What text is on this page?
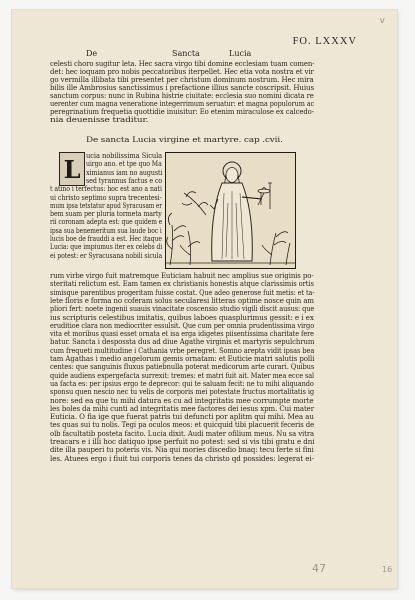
v
FO. LXXXV
De	Sancta	Lucia
L
47	16
celesti choro sugitur leta. Hec sacra virgo tibi domine ecclesiam tuam comen-
det: hec ioquam pro nobis peccatoribus iterpellet. Hec etia vota nostra et vir
go vermilla illibata tibi presentet per christum dominum nostrum. Hec mira
bilis ille Ambrosius sanctissimus i prefactione illius sancte coscripsit. Huius
sanctum corpus: nunc in Rubina histrie ciuitate: ecclesia suo nomini dicata re
uerenter cum magna veneratione integerrimum seruatur: et magna populorum ac
peregrinatium frequetia quottidie inuisitur: Eo etenim miraculose ex calcedo-
nia deuenisse traditur.
De sancta Lucia virgine et martyre. cap .cvii.
ucia nobilissima Sicula
uirgo ano. et tpe quo Ma
ximianus iam no augusti
sed tyrannus factus e co
t atino i terfectus: hoc est ano a nati
ui christo septimo supra trecentesi-
mum ipsa tetstatur apud Syracusam er
bem suam per pluria tormeta marty
rii coronam adepta est: que quidem e
ipsa sua benemeritum sua laude boc i
lucis boe de frauddi a est. Hec itaque
Lucia: que impiumus iter ex celebs di
ei potest: er Syracusana nobili sicula
rum virbe virgo fuit matremque Euticiam habuit nec amplius sue originis po-
steritati relictum est. Eam tamen ex christianis honestis atque clarissimis ortis
simisque parentibus progeritam fuisse costat. Que adeo generose fuit metis: et ta-
lete floris e forma no coferam solus secularesi litteras optime nosce quin am
pliori fert: noete ingenii suauis vinacitate coscensio studio vigili discit ausus: que
ius scripturis celestibus imitatis, quibus laboes quasplurimus gessit: e i ex
eruditioe clara non mediocriter essulsit. Que cum per omnia prudentissima virgo
vita et moribus quasi esset ornata et isa erga idigetes piisentissima charitate fere
batur. Sancta i despossta dus ad diue Agathe virginis et martyris sepulchrum
cum frequeti multitudine i Cathania vrbe peregret. Somno arepta vidit ipsas bea
tam Agathas i medio angelorum gemis ornatam: et Euticie matri salutis polli
centes: que sanguinis fluxus patiebnulla poterat medicorum arte curari. Quibus
quide audiens expergefacta surrexit: tremes: et matri fuit ait. Mater mea ecce sal
ua facta es: per ipsius ergo te deprecor: qui te saluam fecit: ne tu mihi aliquando
sponsu quen nescio nec tu velis de corporis mei potestate fructus mortalitatis ig
nore: sed ea que tu mihi datura es cu ad integritatis mee corrumpte morte
les boles da mihi cunti ad integritatis mee factores dei iesus xpm. Cui mater
Euticia. O fia ige que fuerat patris tui defuncti por aplitm qui mihi. Mea au
tes quas sui tu nolis. Tegi pa oculos meos: et quicquid tibi placuerit feceris de
olb facultatib posteta facito. Lucia dixit. Audi mater ofilium meus. Nu sa vitra
treacars e i illi hoc datiquo ipse perfuit no potest: sed si vis tibi gratu e dni
dite illa pauperi tu poteris vis. Nia qui mories discedio bnaq: tecu ferte si fini
les. Atuees ergo i fiuit tui corporis tenes da christo qd possides: legerat ei-
